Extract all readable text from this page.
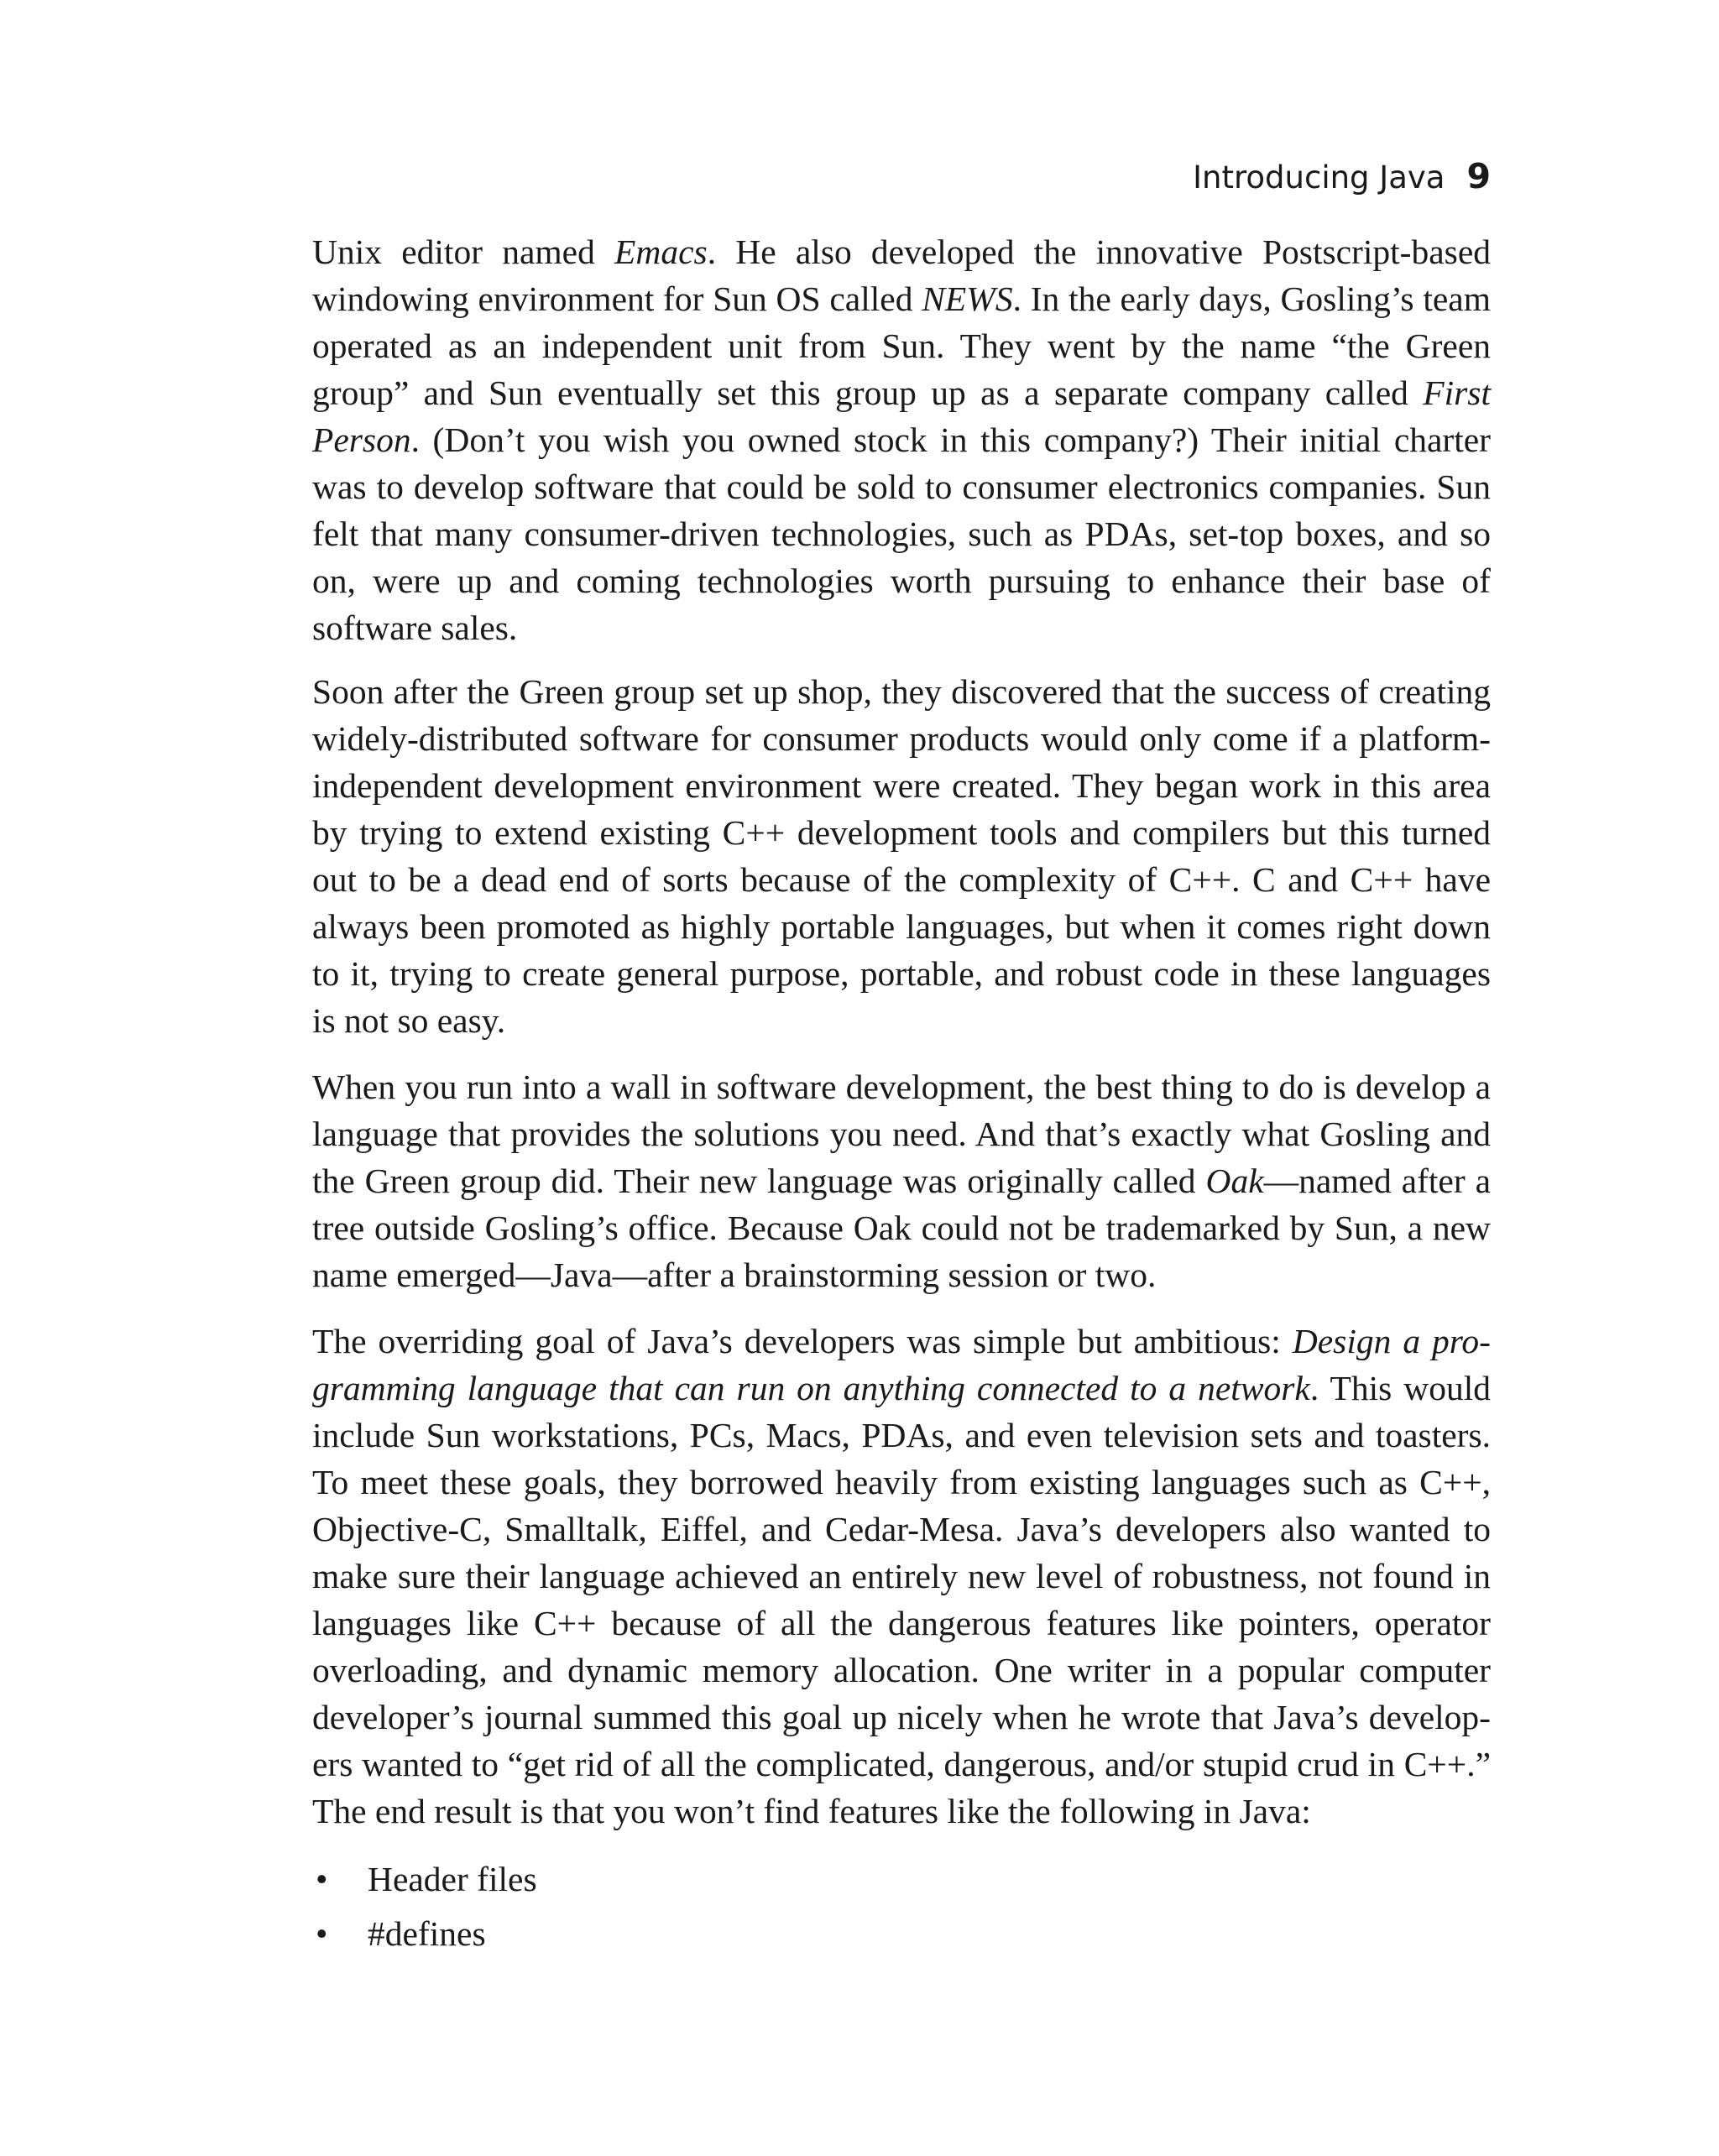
Introducing Java 9

Unix editor named Emacs. He also developed the innovative Postscript-based windowing environment for Sun OS called NEWS. In the early days, Gosling’s team operated as an independent unit from Sun. They went by the name “the Green group” and Sun eventually set this group up as a separate company called First Person. (Don’t you wish you owned stock in this company?) Their initial charter was to develop software that could be sold to consumer electronics companies. Sun felt that many consumer-driven technologies, such as PDAs, set-top boxes, and so on, were up and coming technologies worth pursuing to enhance their base of software sales.

Soon after the Green group set up shop, they discovered that the success of creating widely-distributed software for consumer products would only come if a platform-independent development environment were created. They began work in this area by trying to extend existing C++ development tools and compilers but this turned out to be a dead end of sorts because of the complexity of C++. C and C++ have always been promoted as highly portable languages, but when it comes right down to it, trying to create general purpose, portable, and robust code in these languages is not so easy.

When you run into a wall in software development, the best thing to do is develop a language that provides the solutions you need. And that’s exactly what Gosling and the Green group did. Their new language was originally called Oak—named after a tree outside Gosling’s office. Because Oak could not be trademarked by Sun, a new name emerged—Java—after a brainstorming session or two.

The overriding goal of Java’s developers was simple but ambitious: Design a programming language that can run on anything connected to a network. This would include Sun workstations, PCs, Macs, PDAs, and even television sets and toasters. To meet these goals, they borrowed heavily from existing languages such as C++, Objective-C, Smalltalk, Eiffel, and Cedar-Mesa. Java’s developers also wanted to make sure their language achieved an entirely new level of robustness, not found in languages like C++ because of all the dangerous features like pointers, operator overloading, and dynamic memory allocation. One writer in a popular computer developer’s journal summed this goal up nicely when he wrote that Java’s developers wanted to “get rid of all the complicated, dangerous, and/or stupid crud in C++.” The end result is that you won’t find features like the following in Java:

•	Header files
•	#defines
